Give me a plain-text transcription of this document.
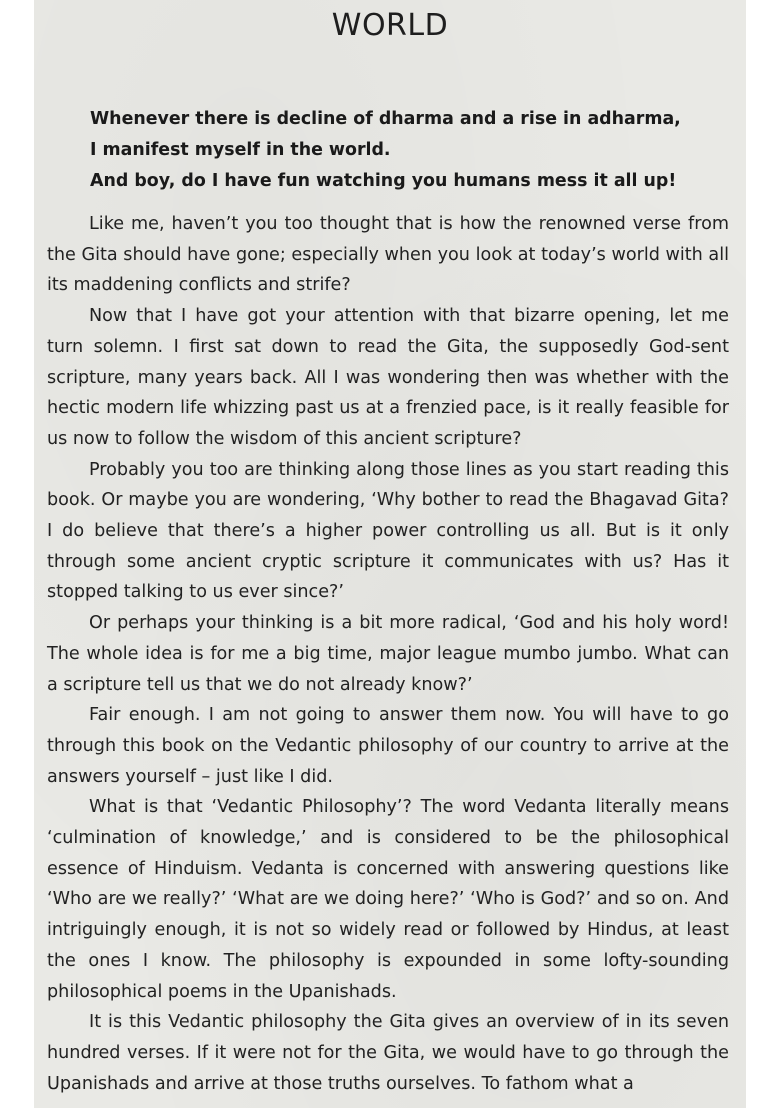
WORLD
Whenever there is decline of dharma and a rise in adharma,
I manifest myself in the world.
And boy, do I have fun watching you humans mess it all up!

Like me, haven’t you too thought that is how the renowned verse from the Gita should have gone; especially when you look at today’s world with all its maddening conflicts and strife?

Now that I have got your attention with that bizarre opening, let me turn solemn. I first sat down to read the Gita, the supposedly God-sent scripture, many years back. All I was wondering then was whether with the hectic modern life whizzing past us at a frenzied pace, is it really feasible for us now to follow the wisdom of this ancient scripture?

Probably you too are thinking along those lines as you start reading this book. Or maybe you are wondering, ‘Why bother to read the Bhagavad Gita? I do believe that there’s a higher power controlling us all. But is it only through some ancient cryptic scripture it communicates with us? Has it stopped talking to us ever since?’

Or perhaps your thinking is a bit more radical, ‘God and his holy word! The whole idea is for me a big time, major league mumbo jumbo. What can a scripture tell us that we do not already know?’

Fair enough. I am not going to answer them now. You will have to go through this book on the Vedantic philosophy of our country to arrive at the answers yourself – just like I did.

What is that ‘Vedantic Philosophy’? The word Vedanta literally means ‘culmination of knowledge,’ and is considered to be the philosophical essence of Hinduism. Vedanta is concerned with answering questions like ‘Who are we really?’ ‘What are we doing here?’ ‘Who is God?’ and so on. And intriguingly enough, it is not so widely read or followed by Hindus, at least the ones I know. The philosophy is expounded in some lofty-sounding philosophical poems in the Upanishads.

It is this Vedantic philosophy the Gita gives an overview of in its seven hundred verses. If it were not for the Gita, we would have to go through the Upanishads and arrive at those truths ourselves. To fathom what a
